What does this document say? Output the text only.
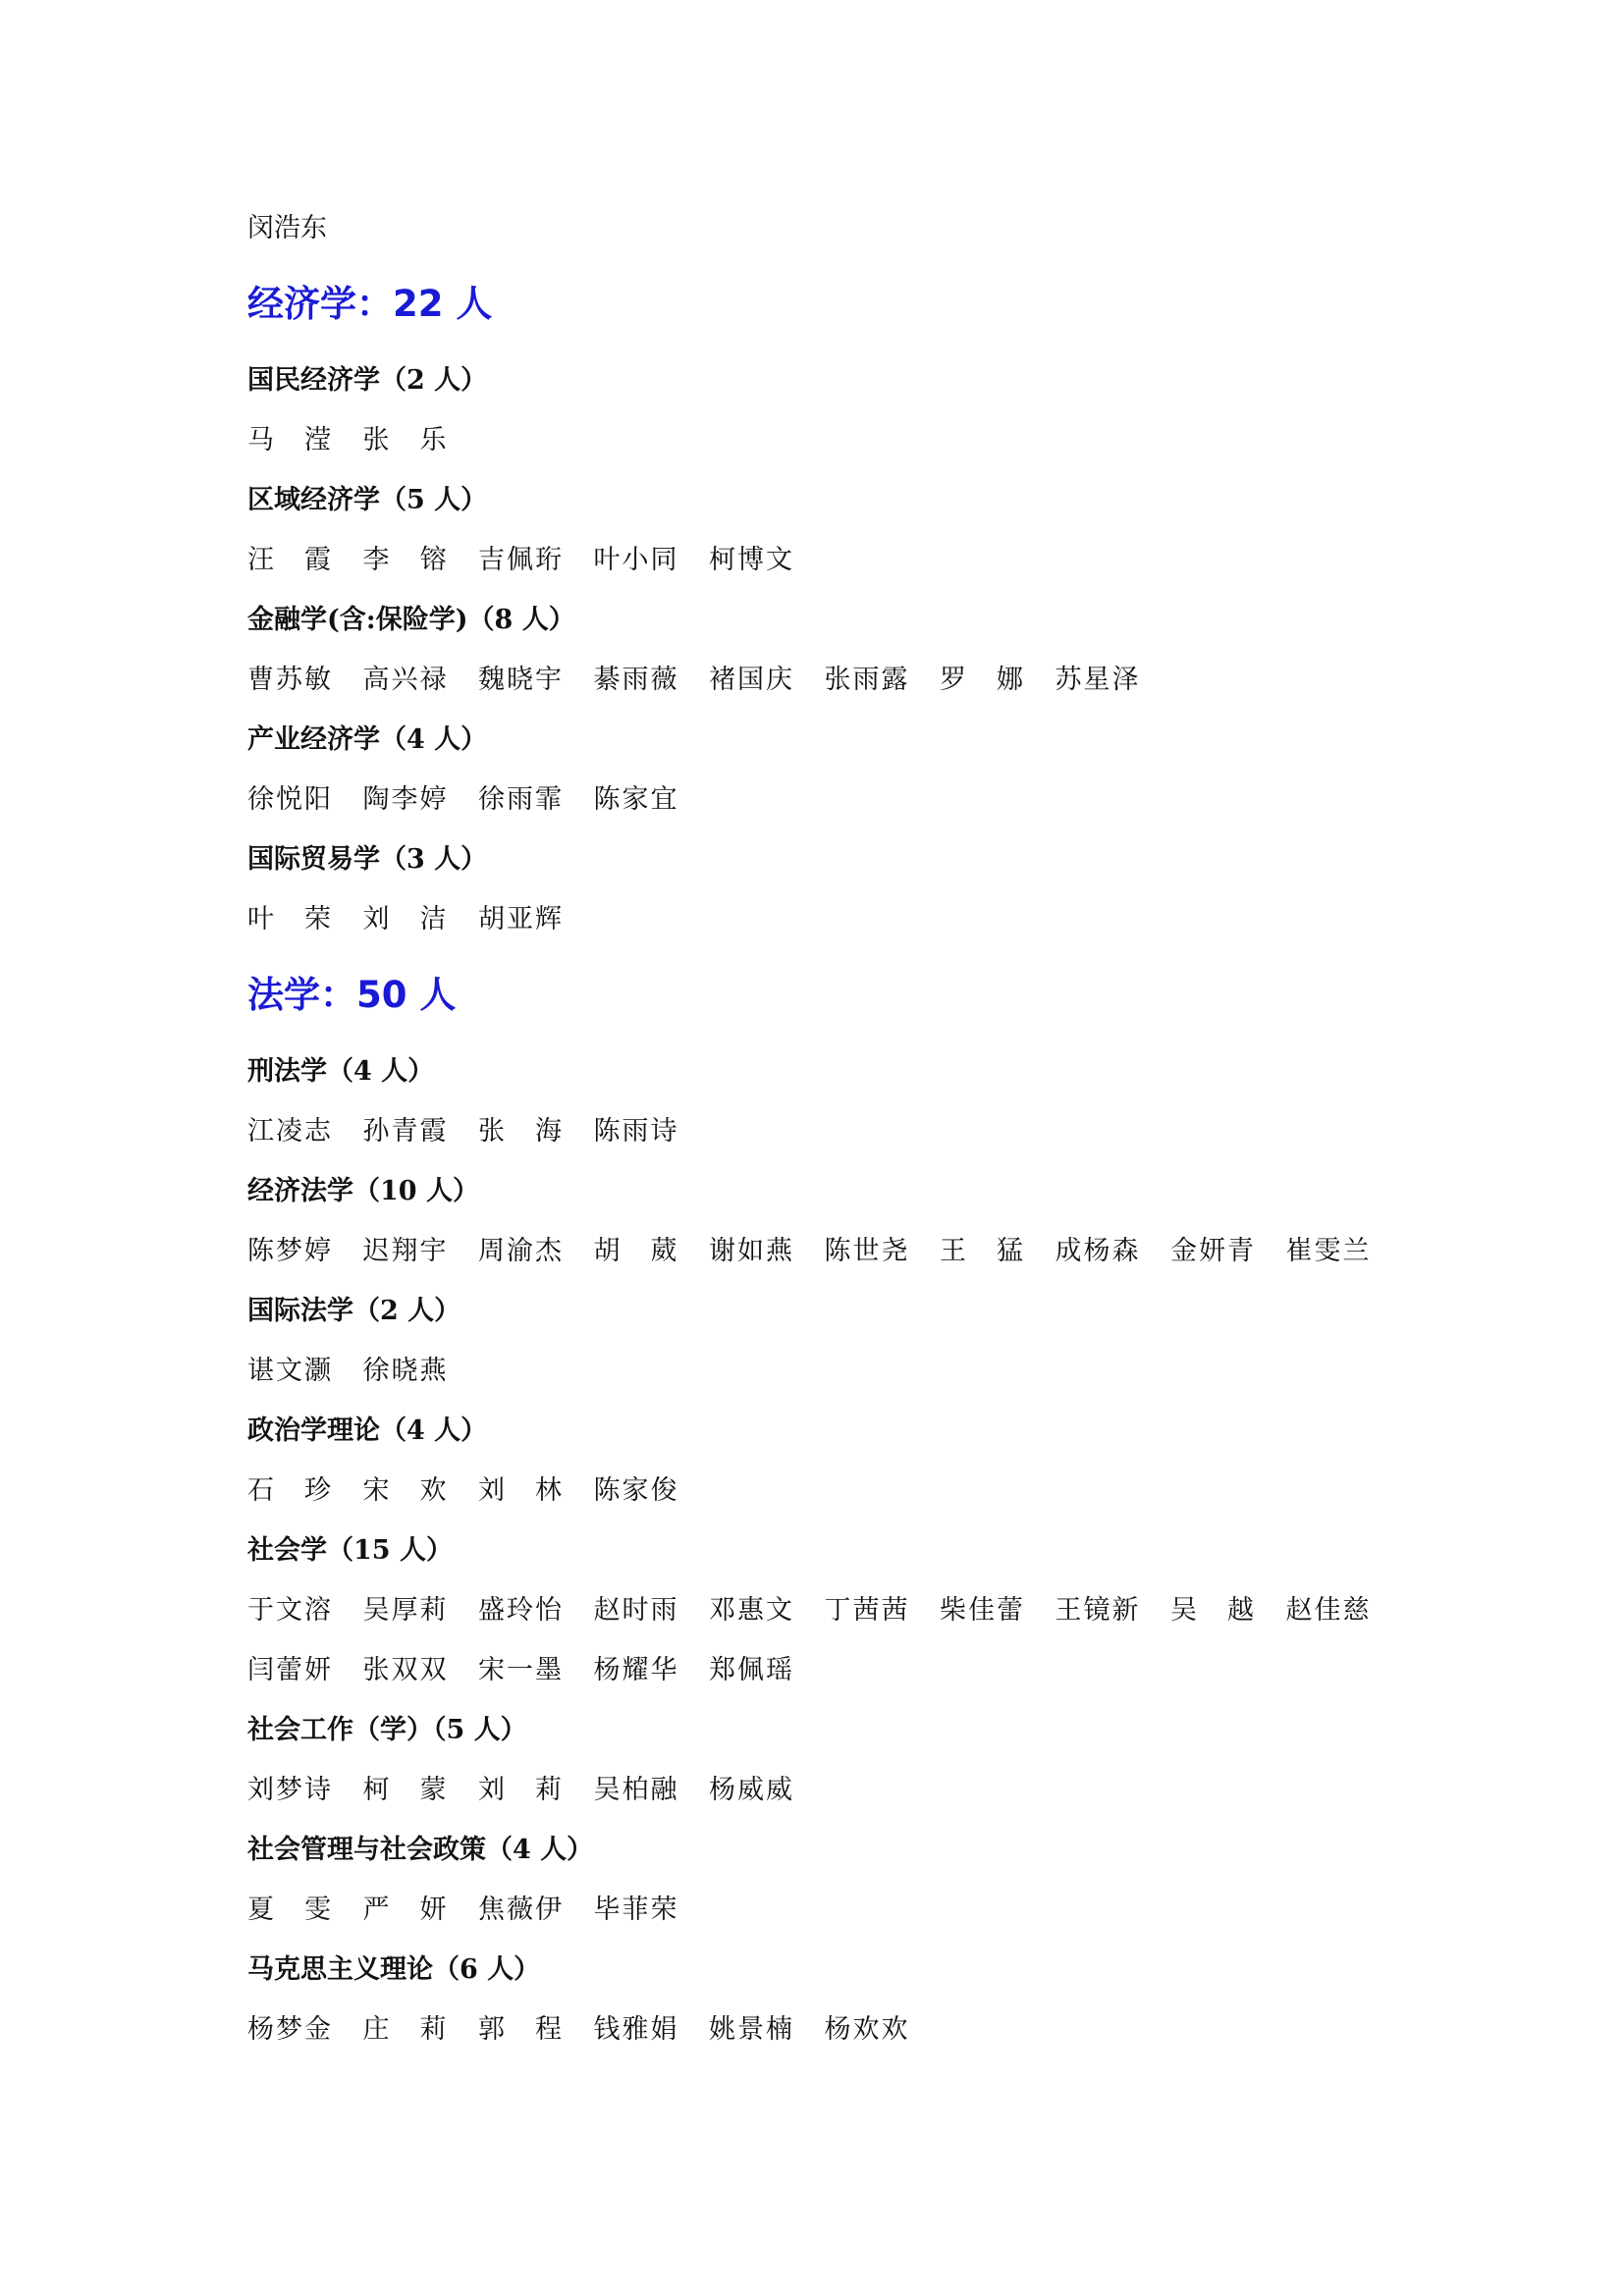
闵浩东
经济学：22 人
国民经济学（2 人）
马 滢 张 乐
区域经济学（5 人）
汪 霞 李 镕 吉 佩 珩 叶 小 同 柯 博 文
金融学(含:保险学)（8 人）
曹 苏 敏 高 兴 禄 魏 晓 宇 綦 雨 薇 褚 国 庆 张 雨 露 罗 娜 苏 星 泽
产业经济学（4 人）
徐 悦 阳 陶 李 婷 徐 雨 霏 陈 家 宜
国际贸易学（3 人）
叶 荣 刘 洁 胡 亚 辉
法学：50 人
刑法学（4 人）
江 凌 志 孙 青 霞 张 海 陈 雨 诗
经济法学（10 人）
陈 梦 婷 迟 翔 宇 周 渝 杰 胡 葳 谢 如 燕 陈 世 尧 王 猛 成 杨 森 金 妍 青 崔 雯 兰
国际法学（2 人）
谌 文 灏 徐 晓 燕
政治学理论（4 人）
石 珍 宋 欢 刘 林 陈 家 俊
社会学（15 人）
于 文 溶 吴 厚 莉 盛 玲 怡 赵 时 雨 邓 惠 文 丁 茜 茜 柴 佳 蕾 王 镜 新 吴 越 赵 佳 慈
闫 蕾 妍 张 双 双 宋 一 墨 杨 耀 华 郑 佩 瑶
社会工作（学）（5 人）
刘 梦 诗 柯 蒙 刘 莉 吴 柏 融 杨 威 威
社会管理与社会政策（4 人）
夏 雯 严 妍 焦 薇 伊 毕 菲 荣
马克思主义理论（6 人）
杨 梦 金 庄 莉 郭 程 钱 雅 娟 姚 景 楠 杨 欢 欢
